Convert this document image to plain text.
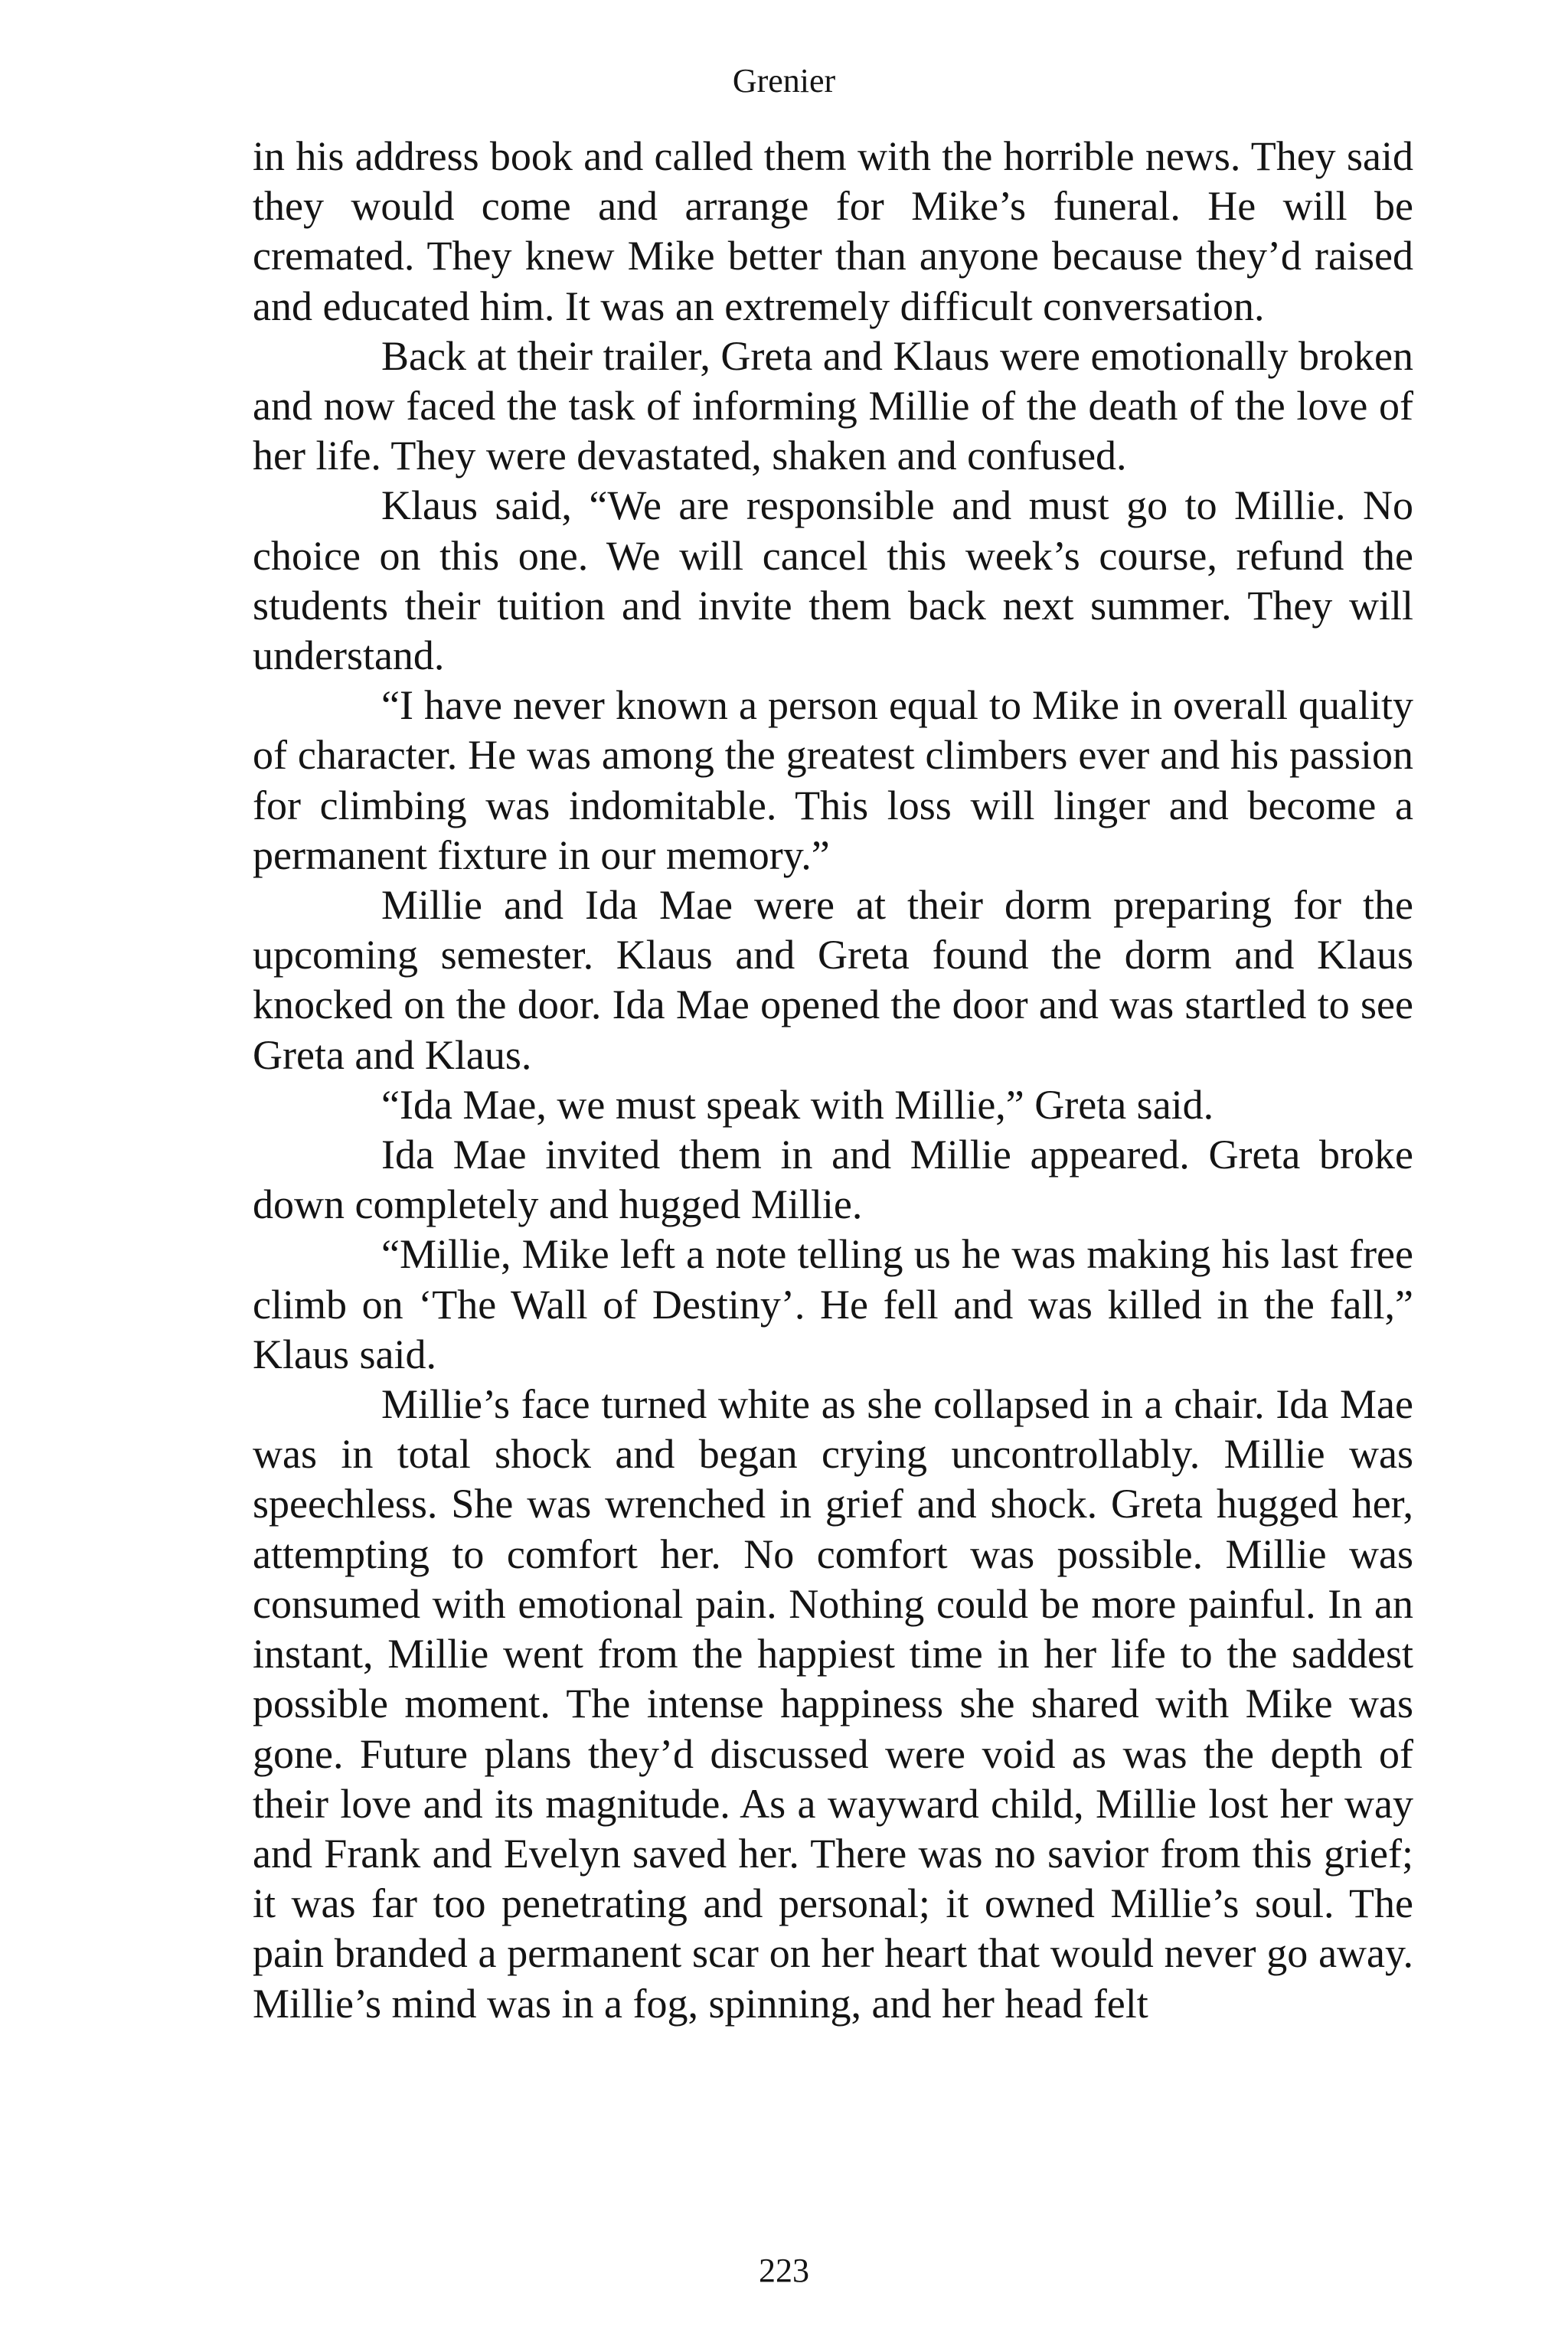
Grenier

in his address book and called them with the horrible news. They said they would come and arrange for Mike’s funeral. He will be cremated. They knew Mike better than anyone because they’d raised and educated him. It was an extremely difficult conversation.

Back at their trailer, Greta and Klaus were emotionally broken and now faced the task of informing Millie of the death of the love of her life. They were devastated, shaken and confused.

Klaus said, “We are responsible and must go to Millie. No choice on this one. We will cancel this week’s course, refund the students their tuition and invite them back next summer. They will understand.

“I have never known a person equal to Mike in overall quality of character. He was among the greatest climbers ever and his passion for climbing was indomitable. This loss will linger and become a permanent fixture in our memory.”

Millie and Ida Mae were at their dorm preparing for the upcoming semester. Klaus and Greta found the dorm and Klaus knocked on the door. Ida Mae opened the door and was startled to see Greta and Klaus.

“Ida Mae, we must speak with Millie,” Greta said.

Ida Mae invited them in and Millie appeared. Greta broke down completely and hugged Millie.

“Millie, Mike left a note telling us he was making his last free climb on ‘The Wall of Destiny’. He fell and was killed in the fall,” Klaus said.

Millie’s face turned white as she collapsed in a chair. Ida Mae was in total shock and began crying uncontrollably. Millie was speechless. She was wrenched in grief and shock. Greta hugged her, attempting to comfort her. No comfort was possible. Millie was consumed with emotional pain. Nothing could be more painful. In an instant, Millie went from the happiest time in her life to the saddest possible moment. The intense happiness she shared with Mike was gone. Future plans they’d discussed were void as was the depth of their love and its magnitude. As a wayward child, Millie lost her way and Frank and Evelyn saved her. There was no savior from this grief; it was far too penetrating and personal; it owned Millie’s soul. The pain branded a permanent scar on her heart that would never go away. Millie’s mind was in a fog, spinning, and her head felt

223
